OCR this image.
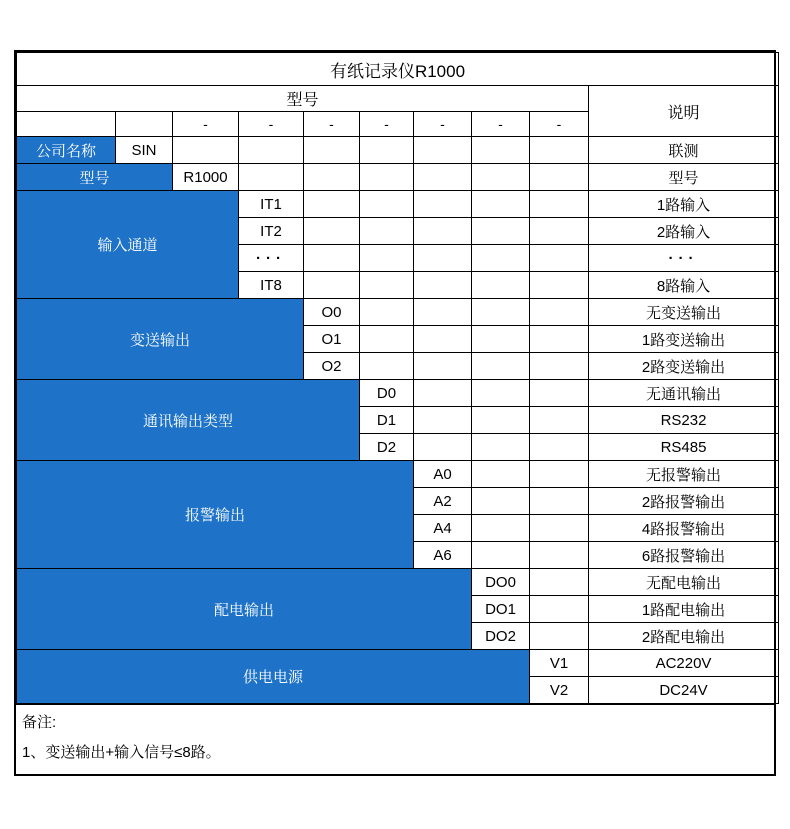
有纸记录仪R1000									
型号									说明
		-	-	-	-	-	-	-	
公司名称	SIN								联测
型号		R1000							型号
输入通道			IT1						1路输入
			IT2						2路输入
			···						···
			IT8						8路输入
变送输出				O0					无变送输出
				O1					1路变送输出
				O2					2路变送输出
通讯输出类型					D0				无通讯输出
					D1				RS232
					D2				RS485
报警输出						A0			无报警输出
						A2			2路报警输出
						A4			4路报警输出
						A6			6路报警输出
配电输出							DO0		无配电输出
							DO1		1路配电输出
							DO2		2路配电输出
供电电源								V1	AC220V
								V2	DC24V
备注:
1、变送输出+输入信号≤8路。
